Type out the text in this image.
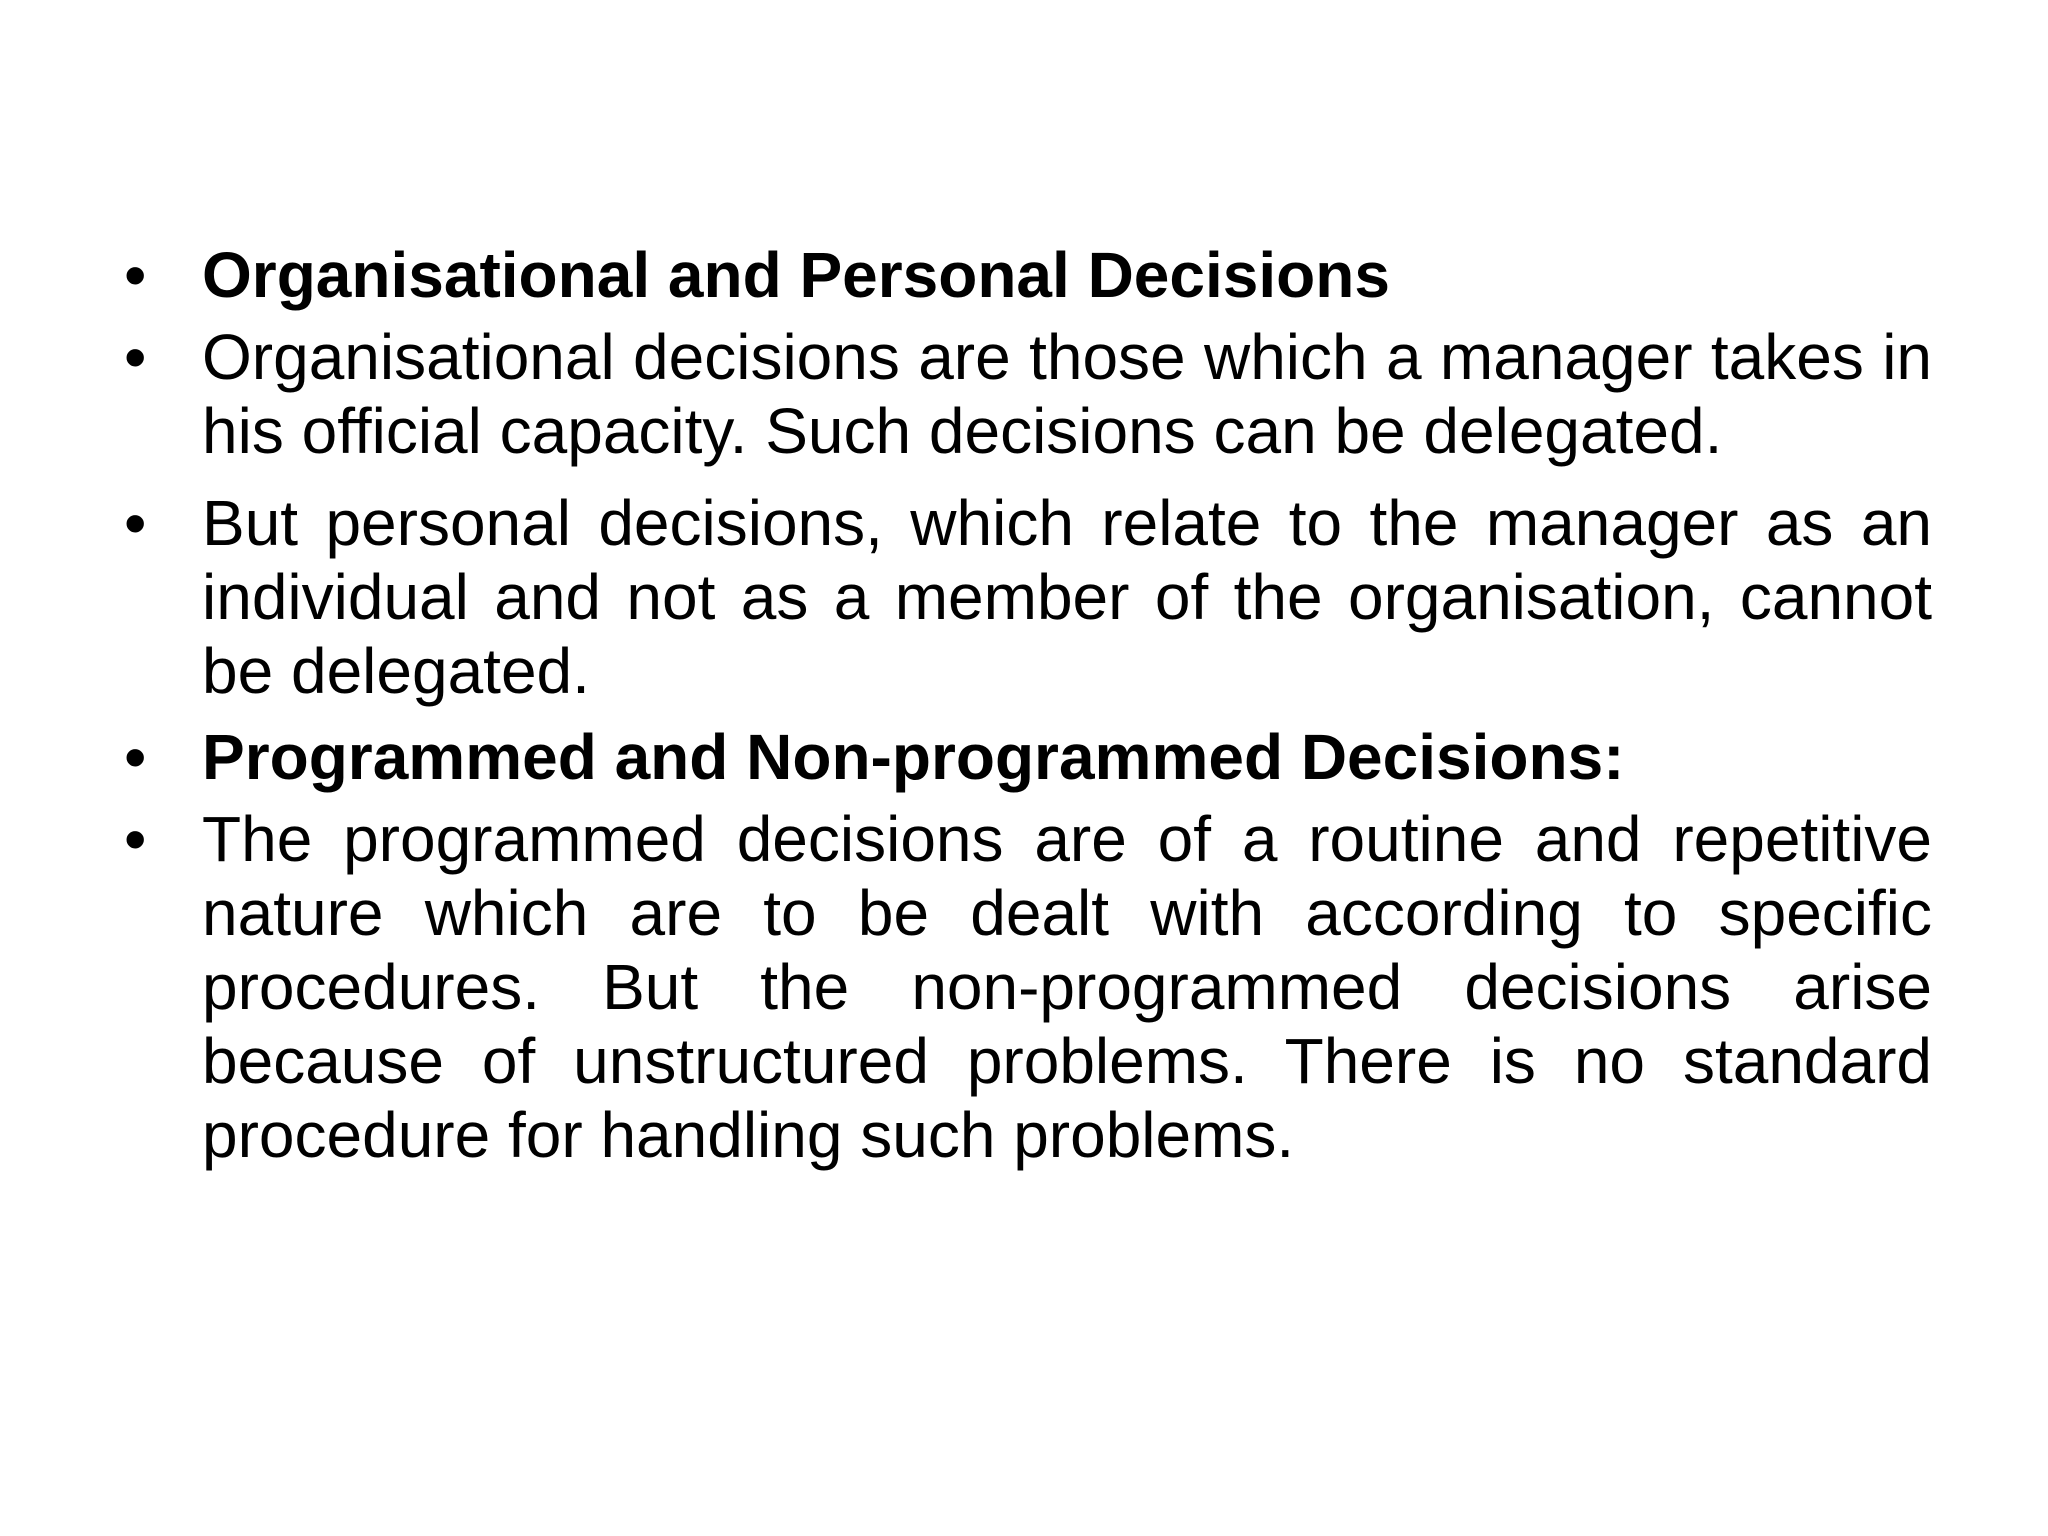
• Organisational and Personal Decisions
• Organisational decisions are those which a manager takes in his official capacity. Such decisions can be delegated.
• But personal decisions, which relate to the manager as an individual and not as a member of the organisation, cannot be delegated.
• Programmed and Non-programmed Decisions:
• The programmed decisions are of a routine and repetitive nature which are to be dealt with according to specific procedures. But the non-programmed decisions arise because of unstructured problems. There is no standard procedure for handling such problems.
